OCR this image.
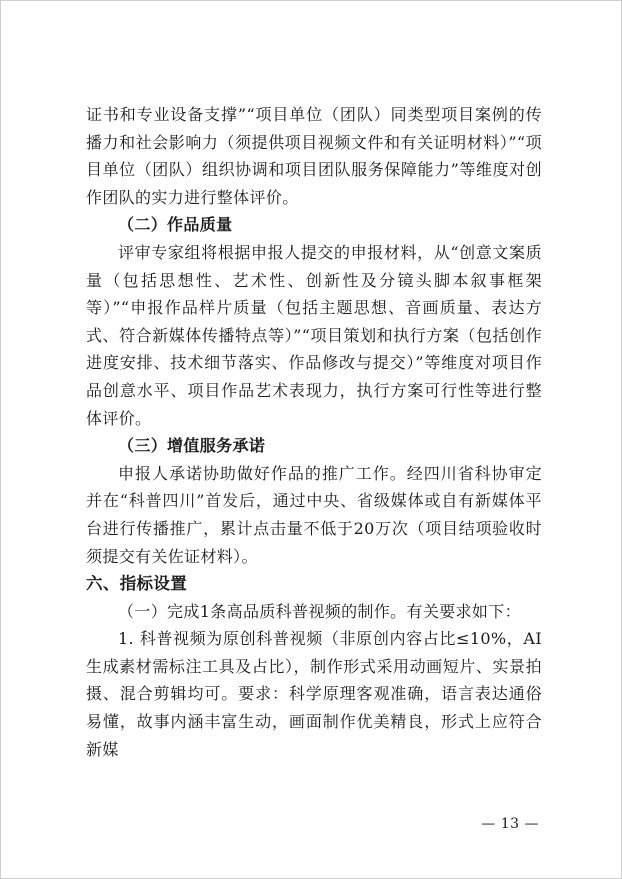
证书和专业设备支撑”“项目单位（团队）同类型项目案例的传播力和社会影响力（须提供项目视频文件和有关证明材料）”“项目单位（团队）组织协调和项目团队服务保障能力”等维度对创作团队的实力进行整体评价。

（二）作品质量

评审专家组将根据申报人提交的申报材料，从“创意文案质量（包括思想性、艺术性、创新性及分镜头脚本叙事框架等）”“申报作品样片质量（包括主题思想、音画质量、表达方式、符合新媒体传播特点等）”“项目策划和执行方案（包括创作进度安排、技术细节落实、作品修改与提交）”等维度对项目作品创意水平、项目作品艺术表现力，执行方案可行性等进行整体评价。

（三）增值服务承诺

申报人承诺协助做好作品的推广工作。经四川省科协审定并在“科普四川”首发后，通过中央、省级媒体或自有新媒体平台进行传播推广，累计点击量不低于20万次（项目结项验收时须提交有关佐证材料）。

六、指标设置

（一）完成1条高品质科普视频的制作。有关要求如下：

1. 科普视频为原创科普视频（非原创内容占比≤10%，AI生成素材需标注工具及占比），制作形式采用动画短片、实景拍摄、混合剪辑均可。要求：科学原理客观准确，语言表达通俗易懂，故事内涵丰富生动，画面制作优美精良，形式上应符合新媒

— 13 —
